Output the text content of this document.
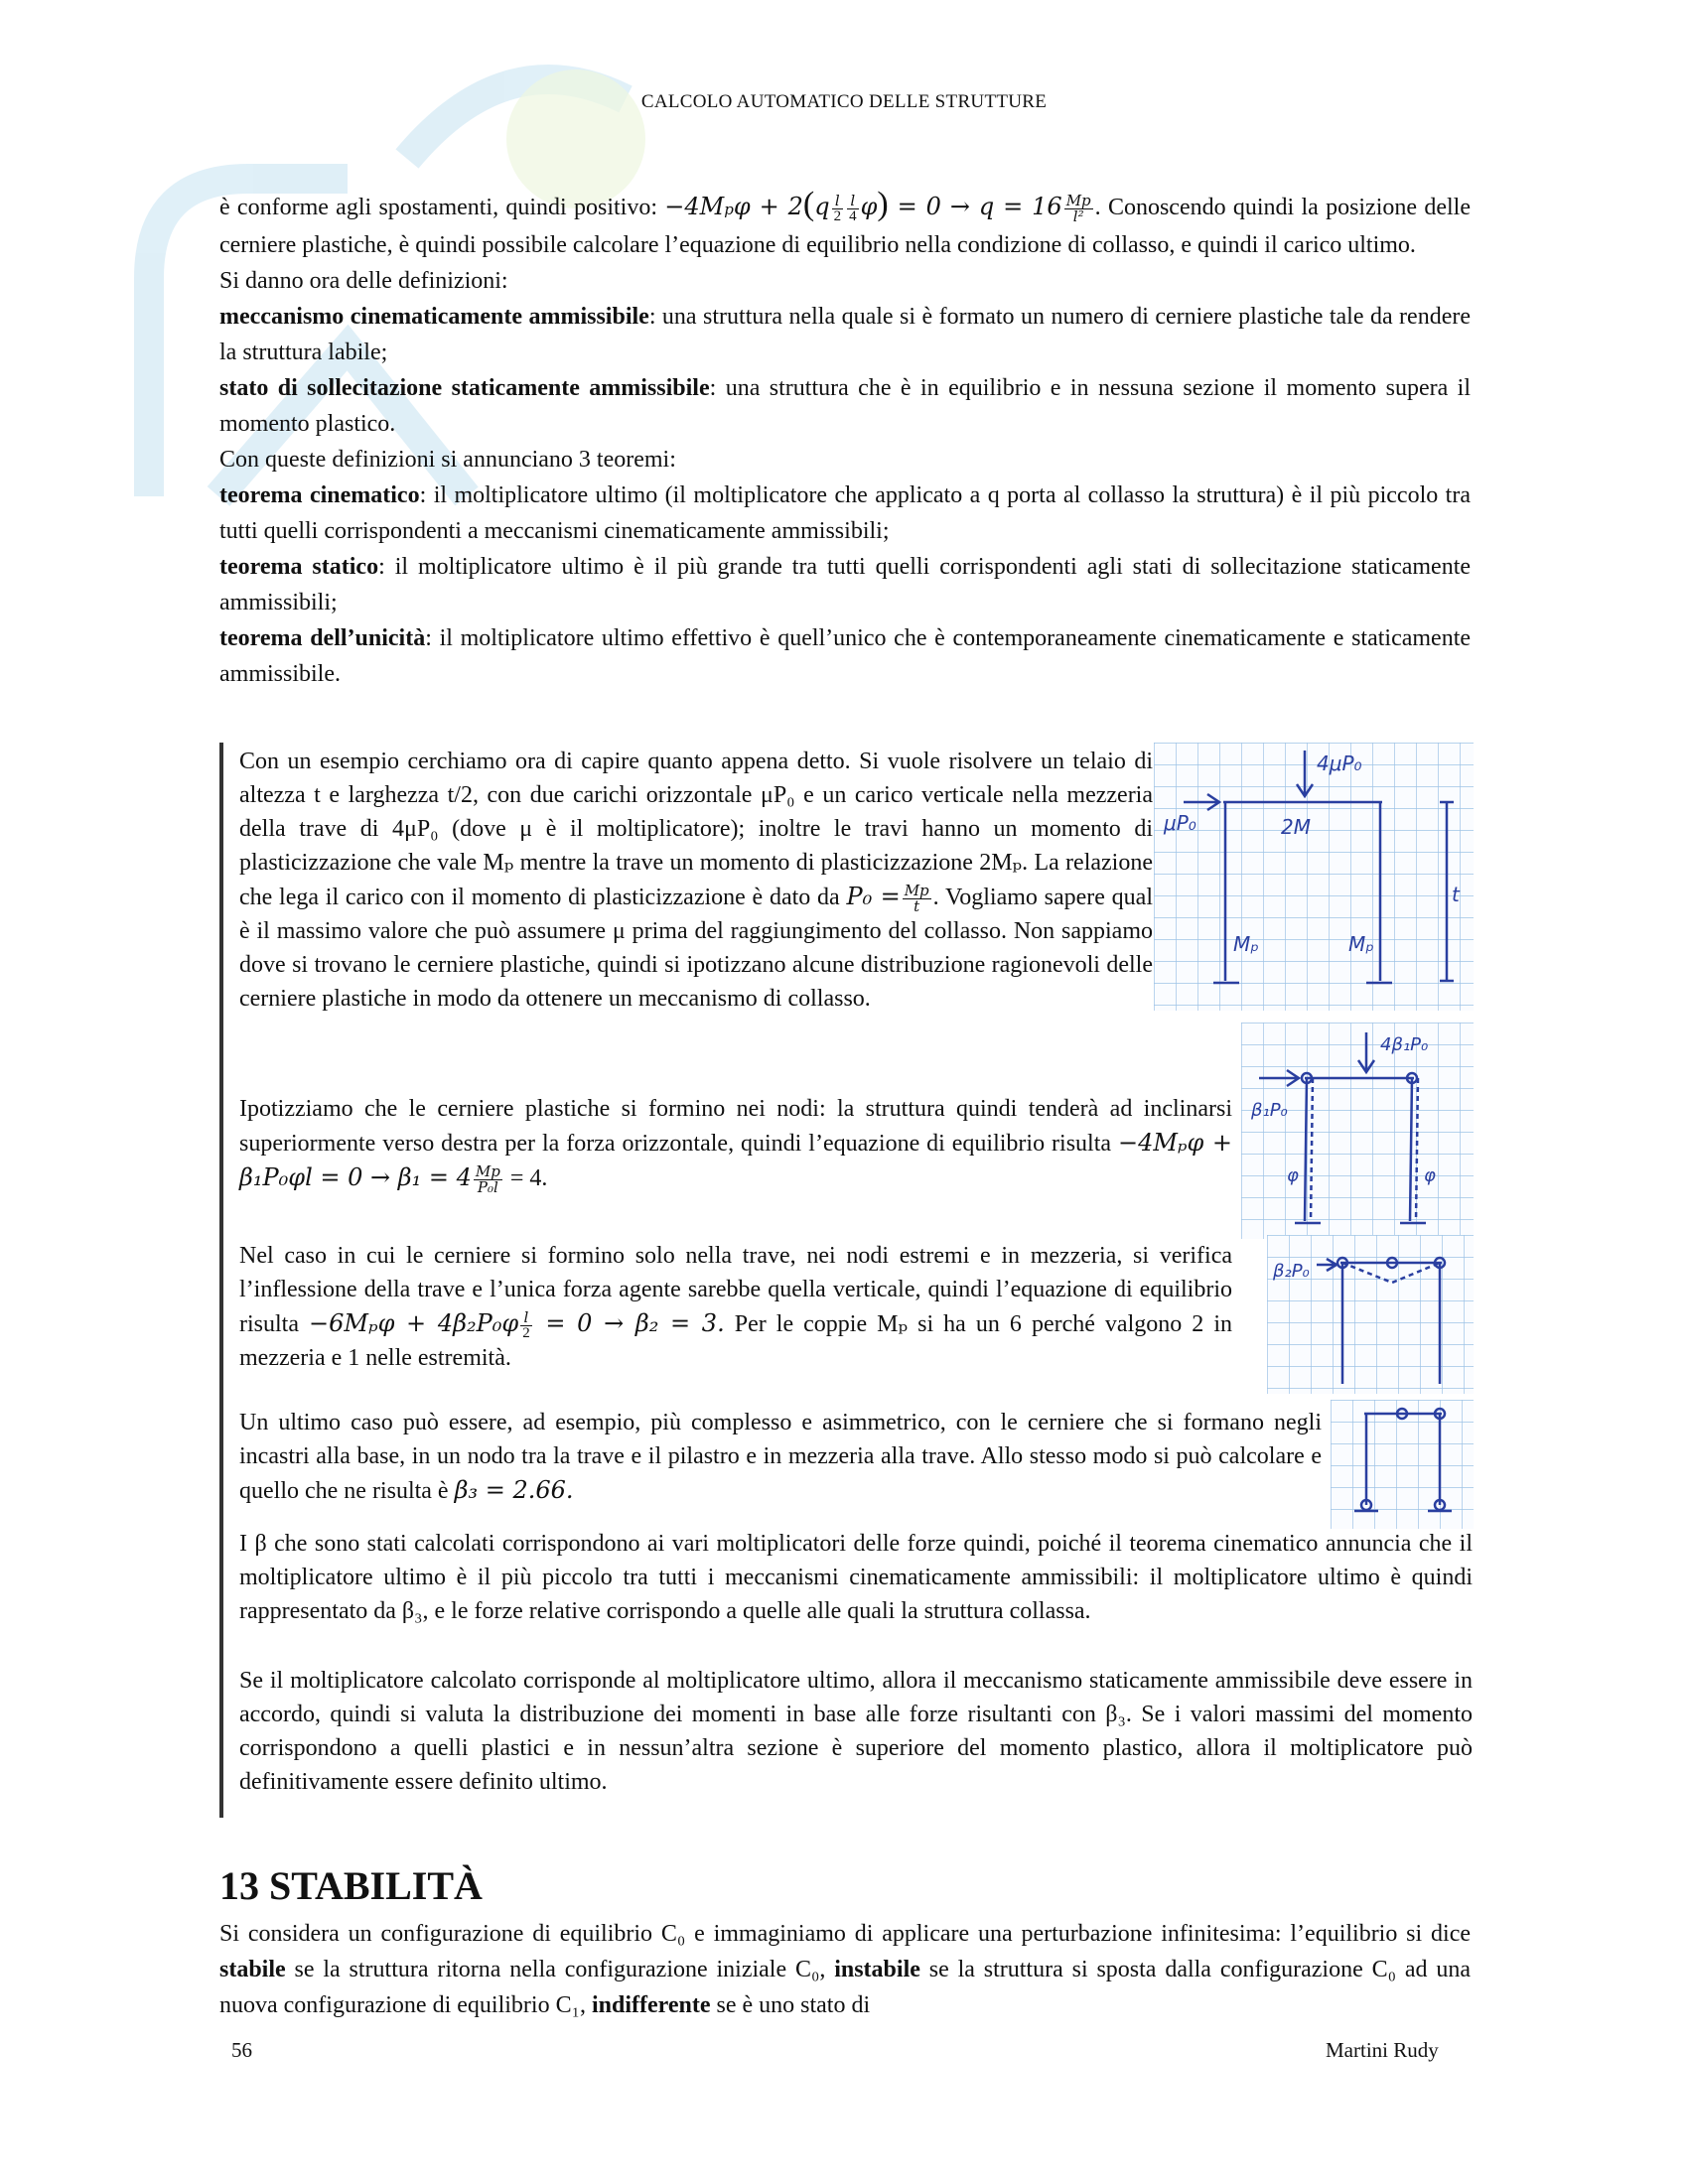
CALCOLO AUTOMATICO DELLE STRUTTURE

è conforme agli spostamenti, quindi positivo: $-4Mp\varphi + 2(q \frac{l}{2} \frac{l}{4} \varphi) = 0 \to q = 16 \frac{Mp}{\text{l²}}$ . Conoscendo quindi la posizione delle cerniere plastiche, è quindi possibile calcolare l’equazione di equilibrio nella condizione di collasso, e quindi il carico ultimo.

Si danno ora delle definizioni:

meccanismo cinematicamente ammissibile: una struttura nella quale si è formato un numero di cerniere plastiche tale da rendere la struttura labile;

stato di sollecitazione staticamente ammissibile: una struttura che è in equilibrio e in nessuna sezione il momento supera il momento plastico.

Con queste definizioni si annunciano 3 teoremi:

teorema cinematico: il moltiplicatore ultimo (il moltiplicatore che applicato a q porta al collasso la struttura) è il più piccolo tra tutti quelli corrispondenti a meccanismi cinematicamente ammissibili;

teorema statico: il moltiplicatore ultimo è il più grande tra tutti quelli corrispondenti agli stati di sollecitazione staticamente ammissibili;

teorema dell’unicità: il moltiplicatore ultimo effettivo è quell’unico che è contemporaneamente cinematicamente e staticamente ammissibile.

Con un esempio cerchiamo ora di capire quanto appena detto. Si vuole risolvere un telaio di altezza t e larghezza t/2, con due carichi orizzontale μP₀ e un carico verticale nella mezzeria della trave di 4μP₀ (dove μ è il moltiplicatore); inoltre le travi hanno un momento di plasticizzazione che vale Mₚ mentre la trave un momento di plasticizzazione 2Mₚ. La relazione che lega il carico con il momento di plasticizzazione è dato da $P_0 = \frac{Mp}{t}$ . Vogliamo sapere qual è il massimo valore che può assumere μ prima del raggiungimento del collasso. Non sappiamo dove si trovano le cerniere plastiche, quindi si ipotizzano alcune distribuzione ragionevoli delle cerniere plastiche in modo da ottenere un meccanismo di collasso.
Ipotizziamo che le cerniere plastiche si formino nei nodi: la struttura quindi tenderà ad inclinarsi superiormente verso destra per la forza orizzontale, quindi l’equazione di equilibrio risulta $-4M_p\varphi + \beta_1P_0\varphi l = 0 \to \beta_1 = 4 \frac{Mp}{\text{P₀l}} = 4$.
Nel caso in cui le cerniere si formino solo nella trave, nei nodi estremi e in mezzeria, si verifica l’inflessione della trave e l’unica forza agente sarebbe quella verticale, quindi l’equazione di equilibrio risulta $-6M_p\varphi + 4\beta_2P_0\varphi \frac{l}{2} = 0 \to \beta_2 = 3$. Per le coppie Mₚ si ha un 6 perché valgono 2 in mezzeria e 1 nelle estremità.
Un ultimo caso può essere, ad esempio, più complesso e asimmetrico, con le cerniere che si formano negli incastri alla base, in un nodo tra la trave e il pilastro e in mezzeria alla trave. Allo stesso modo si può calcolare e quello che ne risulta è β₃ = 2.66.
I β che sono stati calcolati corrispondono ai vari moltiplicatori delle forze quindi, poiché il teorema cinematico annuncia che il moltiplicatore ultimo è il più piccolo tra tutti i meccanismi cinematicamente ammissibili: il moltiplicatore ultimo è quindi rappresentato da β₃, e le forze relative corrispondo a quelle alle quali la struttura collassa.
Se il moltiplicatore calcolato corrisponde al moltiplicatore ultimo, allora il meccanismo staticamente ammissibile deve essere in accordo, quindi si valuta la distribuzione dei momenti in base alle forze risultanti con β₃. Se i valori massimi del momento corrispondono a quelli plastici e in nessun’altra sezione è superiore del momento plastico, allora il moltiplicatore può definitivamente essere definito ultimo.
4μP₀
μP₀	2M
Mₚ	Mₚ
t
4β₁P₀
β₁P₀
φ	φ
β₂P₀
13 STABILITÀ
Si considera un configurazione di equilibrio C₀ e immaginiamo di applicare una perturbazione infinitesima: l’equilibrio si dice stabile se la struttura ritorna nella configurazione iniziale C₀, instabile se la struttura si sposta dalla configurazione C₀ ad una nuova configurazione di equilibrio C₁, indifferente se è uno stato di
56	Martini Rudy
